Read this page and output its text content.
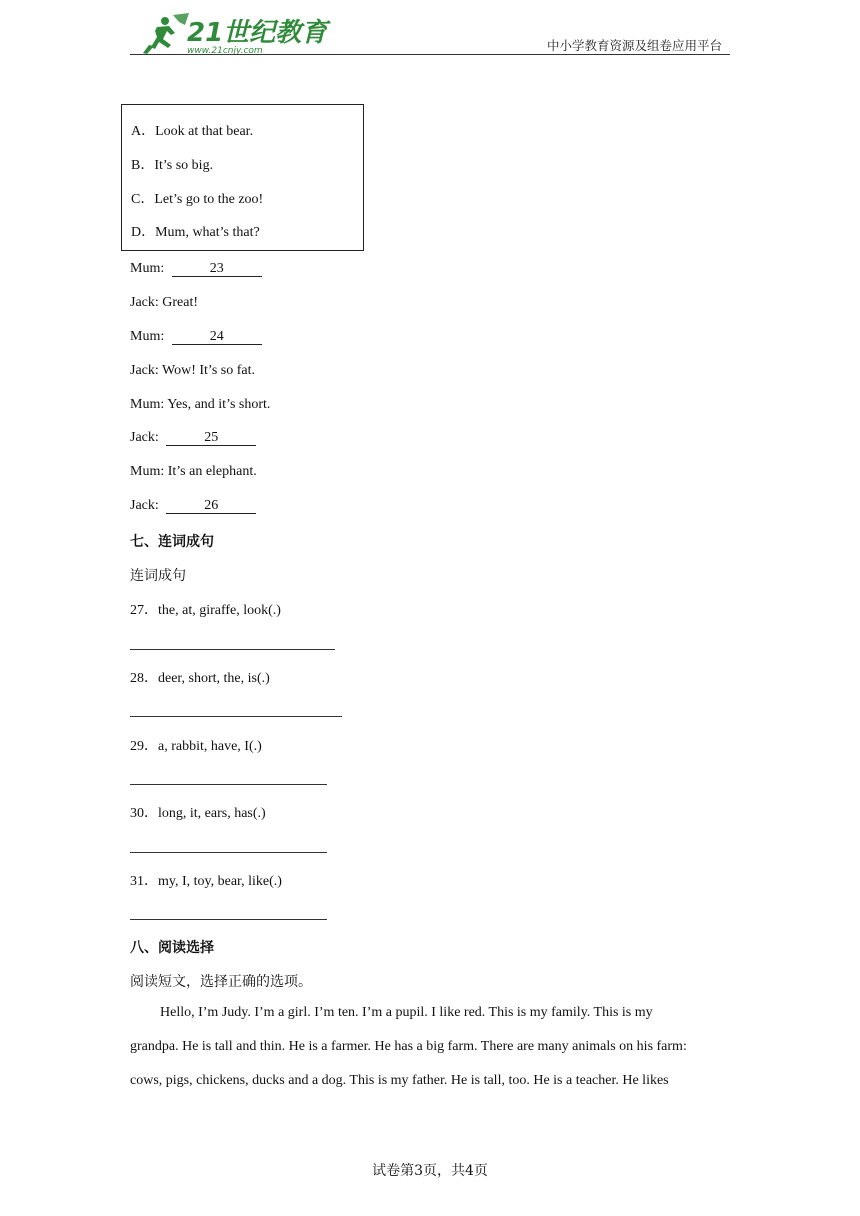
21世纪教育
www.21cnjy.com	中小学教育资源及组卷应用平台
A．Look at that bear.
B．It’s so big.
C．Let’s go to the zoo!
D．Mum, what’s that?
Mum:	23
Jack: Great!
Mum:	24
Jack: Wow! It’s so fat.
Mum: Yes, and it’s short.
Jack:	25
Mum: It’s an elephant.
Jack:	26
七、连词成句
连词成句
27．the, at, giraffe, look(.)
28．deer, short, the, is(.)
29．a, rabbit, have, I(.)
30．long, it, ears, has(.)
31．my, I, toy, bear, like(.)
八、阅读选择
阅读短文，选择正确的选项。
Hello, I’m Judy. I’m a girl. I’m ten. I’m a pupil. I like red. This is my family. This is my
grandpa. He is tall and thin. He is a farmer. He has a big farm. There are many animals on his farm:
cows, pigs, chickens, ducks and a dog. This is my father. He is tall, too. He is a teacher. He likes
试卷第3页，共4页
